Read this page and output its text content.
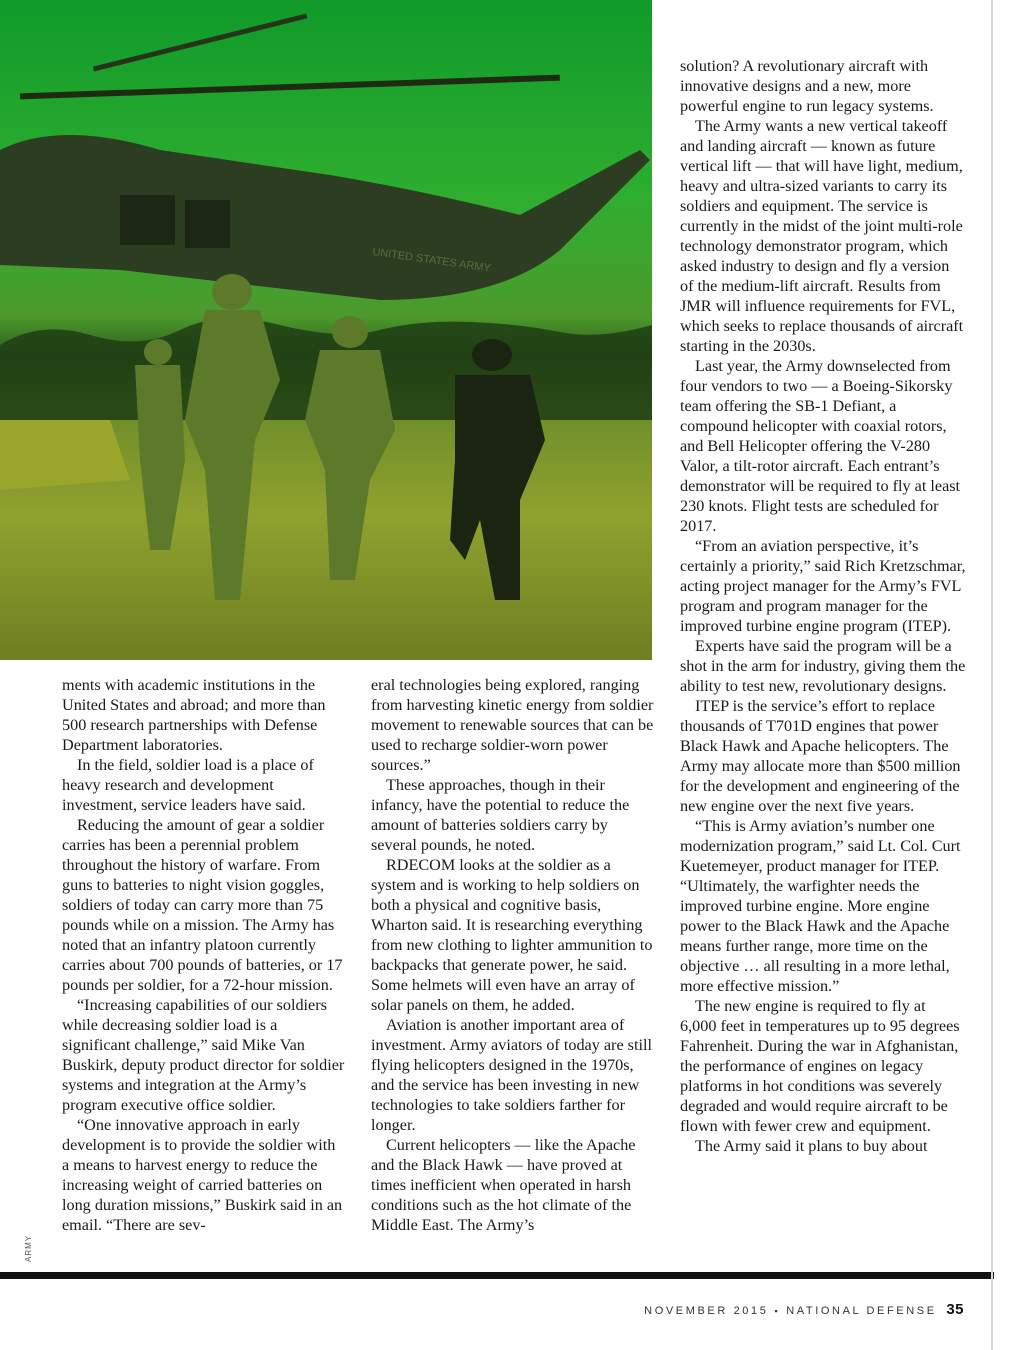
UNITED STATES ARMY
ARMY

ments with academic institutions in the United States and abroad; and more than 500 research partnerships with Defense Department laboratories.

In the field, soldier load is a place of heavy research and development investment, service leaders have said.

Reducing the amount of gear a soldier carries has been a perennial problem throughout the history of warfare. From guns to batteries to night vision goggles, soldiers of today can carry more than 75 pounds while on a mission. The Army has noted that an infantry platoon currently carries about 700 pounds of batteries, or 17 pounds per soldier, for a 72-hour mission.

“Increasing capabilities of our soldiers while decreasing soldier load is a significant challenge,” said Mike Van Buskirk, deputy product director for soldier systems and integration at the Army’s program executive office soldier.

“One innovative approach in early development is to provide the soldier with a means to harvest energy to reduce the increasing weight of carried batteries on long duration missions,” Buskirk said in an email. “There are sev-

eral technologies being explored, ranging from harvesting kinetic energy from soldier movement to renewable sources that can be used to recharge soldier-worn power sources.”

These approaches, though in their infancy, have the potential to reduce the amount of batteries soldiers carry by several pounds, he noted.

RDECOM looks at the soldier as a system and is working to help soldiers on both a physical and cognitive basis, Wharton said. It is researching everything from new clothing to lighter ammunition to backpacks that generate power, he said. Some helmets will even have an array of solar panels on them, he added.

Aviation is another important area of investment. Army aviators of today are still flying helicopters designed in the 1970s, and the service has been investing in new technologies to take soldiers farther for longer.

Current helicopters — like the Apache and the Black Hawk — have proved at times inefficient when operated in harsh conditions such as the hot climate of the Middle East. The Army’s

solution? A revolutionary aircraft with innovative designs and a new, more powerful engine to run legacy systems.

The Army wants a new vertical takeoff and landing aircraft — known as future vertical lift — that will have light, medium, heavy and ultra-sized variants to carry its soldiers and equipment. The service is currently in the midst of the joint multi-role technology demonstrator program, which asked industry to design and fly a version of the medium-lift aircraft. Results from JMR will influence requirements for FVL, which seeks to replace thousands of aircraft starting in the 2030s.

Last year, the Army downselected from four vendors to two — a Boeing-Sikorsky team offering the SB-1 Defiant, a compound helicopter with coaxial rotors, and Bell Helicopter offering the V-280 Valor, a tilt-rotor aircraft. Each entrant’s demonstrator will be required to fly at least 230 knots. Flight tests are scheduled for 2017.

“From an aviation perspective, it’s certainly a priority,” said Rich Kretzschmar, acting project manager for the Army’s FVL program and program manager for the improved turbine engine program (ITEP).

Experts have said the program will be a shot in the arm for industry, giving them the ability to test new, revolutionary designs.

ITEP is the service’s effort to replace thousands of T701D engines that power Black Hawk and Apache helicopters. The Army may allocate more than $500 million for the development and engineering of the new engine over the next five years.

“This is Army aviation’s number one modernization program,” said Lt. Col. Curt Kuetemeyer, product manager for ITEP. “Ultimately, the warfighter needs the improved turbine engine. More engine power to the Black Hawk and the Apache means further range, more time on the objective … all resulting in a more lethal, more effective mission.”

The new engine is required to fly at 6,000 feet in temperatures up to 95 degrees Fahrenheit. During the war in Afghanistan, the performance of engines on legacy platforms in hot conditions was severely degraded and would require aircraft to be flown with fewer crew and equipment.

The Army said it plans to buy about

NOVEMBER 2015 ▪ NATIONAL DEFENSE 35
